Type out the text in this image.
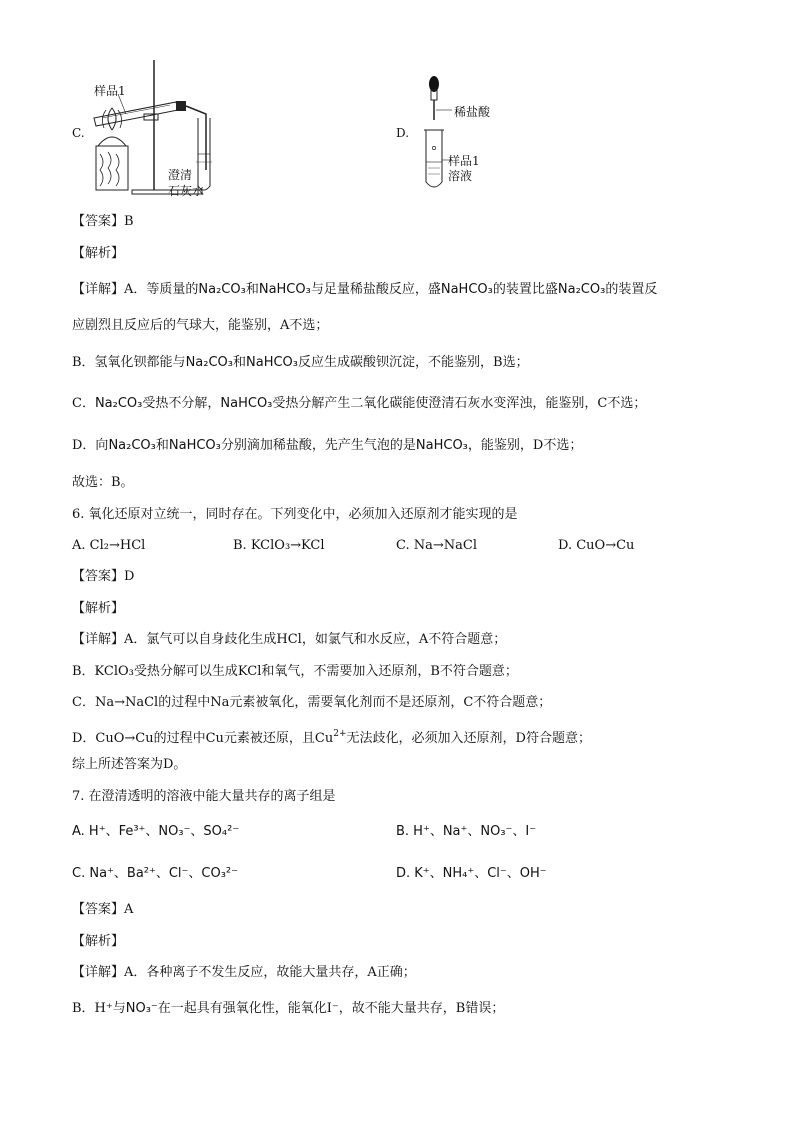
C.
样品1
澄清
石灰水
D.
稀盐酸
样品1
溶液
【答案】B
【解析】
【详解】A．等质量的Na₂CO₃和NaHCO₃与足量稀盐酸反应，盛NaHCO₃的装置比盛Na₂CO₃的装置反
应剧烈且反应后的气球大，能鉴别，A不选；
B．氢氧化钡都能与Na₂CO₃和NaHCO₃反应生成碳酸钡沉淀，不能鉴别，B选；
C．Na₂CO₃受热不分解，NaHCO₃受热分解产生二氧化碳能使澄清石灰水变浑浊，能鉴别，C不选；
D．向Na₂CO₃和NaHCO₃分别滴加稀盐酸，先产生气泡的是NaHCO₃，能鉴别，D不选；
故选：B。
6. 氧化还原对立统一，同时存在。下列变化中，必须加入还原剂才能实现的是
A. Cl₂→HCl	B. KClO₃→KCl	C. Na→NaCl	D. CuO→Cu
【答案】D
【解析】
【详解】A．氯气可以自身歧化生成HCl，如氯气和水反应，A不符合题意；
B．KClO₃受热分解可以生成KCl和氧气，不需要加入还原剂，B不符合题意；
C．Na→NaCl的过程中Na元素被氧化，需要氧化剂而不是还原剂，C不符合题意；
D．CuO→Cu的过程中Cu元素被还原，且$Cu^{2+}$无法歧化，必须加入还原剂，D符合题意；
综上所述答案为D。
7. 在澄清透明的溶液中能大量共存的离子组是
A. H⁺、Fe³⁺、NO₃⁻、SO₄²⁻	B. H⁺、Na⁺、NO₃⁻、I⁻
C. Na⁺、Ba²⁺、Cl⁻、CO₃²⁻	D. K⁺、NH₄⁺、Cl⁻、OH⁻
【答案】A
【解析】
【详解】A．各种离子不发生反应，故能大量共存，A正确；
B．H⁺与NO₃⁻在一起具有强氧化性，能氧化I⁻，故不能大量共存，B错误；
